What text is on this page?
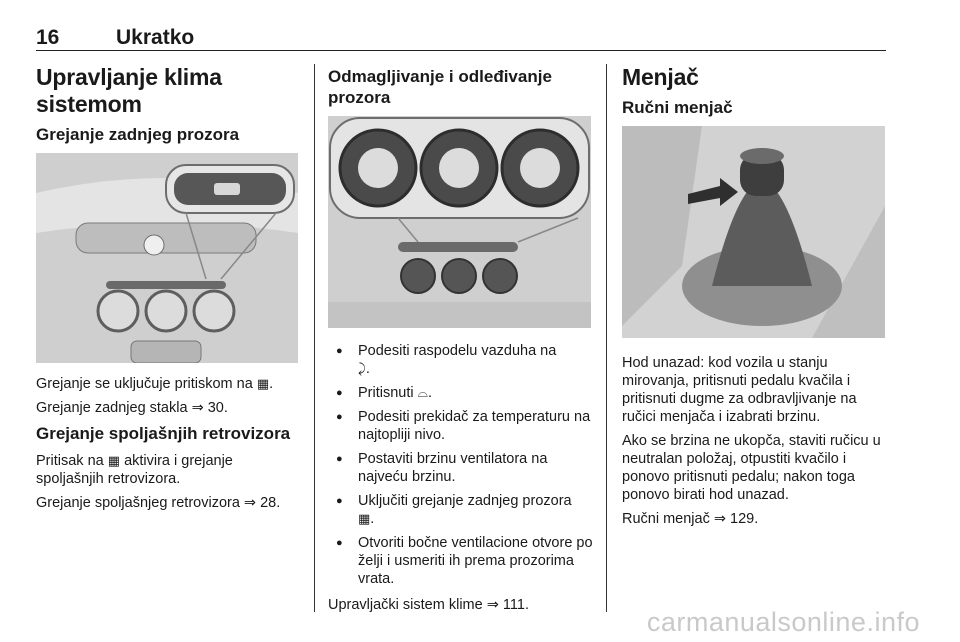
16	Ukratko
Upravljanje klima sistemom
Grejanje zadnjeg prozora

Grejanje se uključuje pritiskom na ▦.

Grejanje zadnjeg stakla ⇒ 30.

Grejanje spoljašnjih retrovizora

Pritisak na ▦ aktivira i grejanje spoljašnjih retrovizora.

Grejanje spoljašnjeg retrovizora ⇒ 28.

Odmagljivanje i odleđivanje prozora
● Podesiti raspodelu vazduha na
⤸.
● Pritisnuti ⌓.
● Podesiti prekidač za temperaturu na najtopliji nivo.
● Postaviti brzinu ventilatora na najveću brzinu.
● Uključiti grejanje zadnjeg prozora
▦.
● Otvoriti bočne ventilacione otvore po želji i usmeriti ih prema prozorima vrata.

Upravljački sistem klime ⇒ 111.

Menjač
Ručni menjač

Hod unazad: kod vozila u stanju mirovanja, pritisnuti pedalu kvačila i pritisnuti dugme za odbravljivanje na ručici menjača i izabrati brzinu.

Ako se brzina ne ukopča, staviti ručicu u neutralan položaj, otpustiti kvačilo i ponovo pritisnuti pedalu; nakon toga ponovo birati hod unazad.

Ručni menjač ⇒ 129.

carmanualsonline.info
